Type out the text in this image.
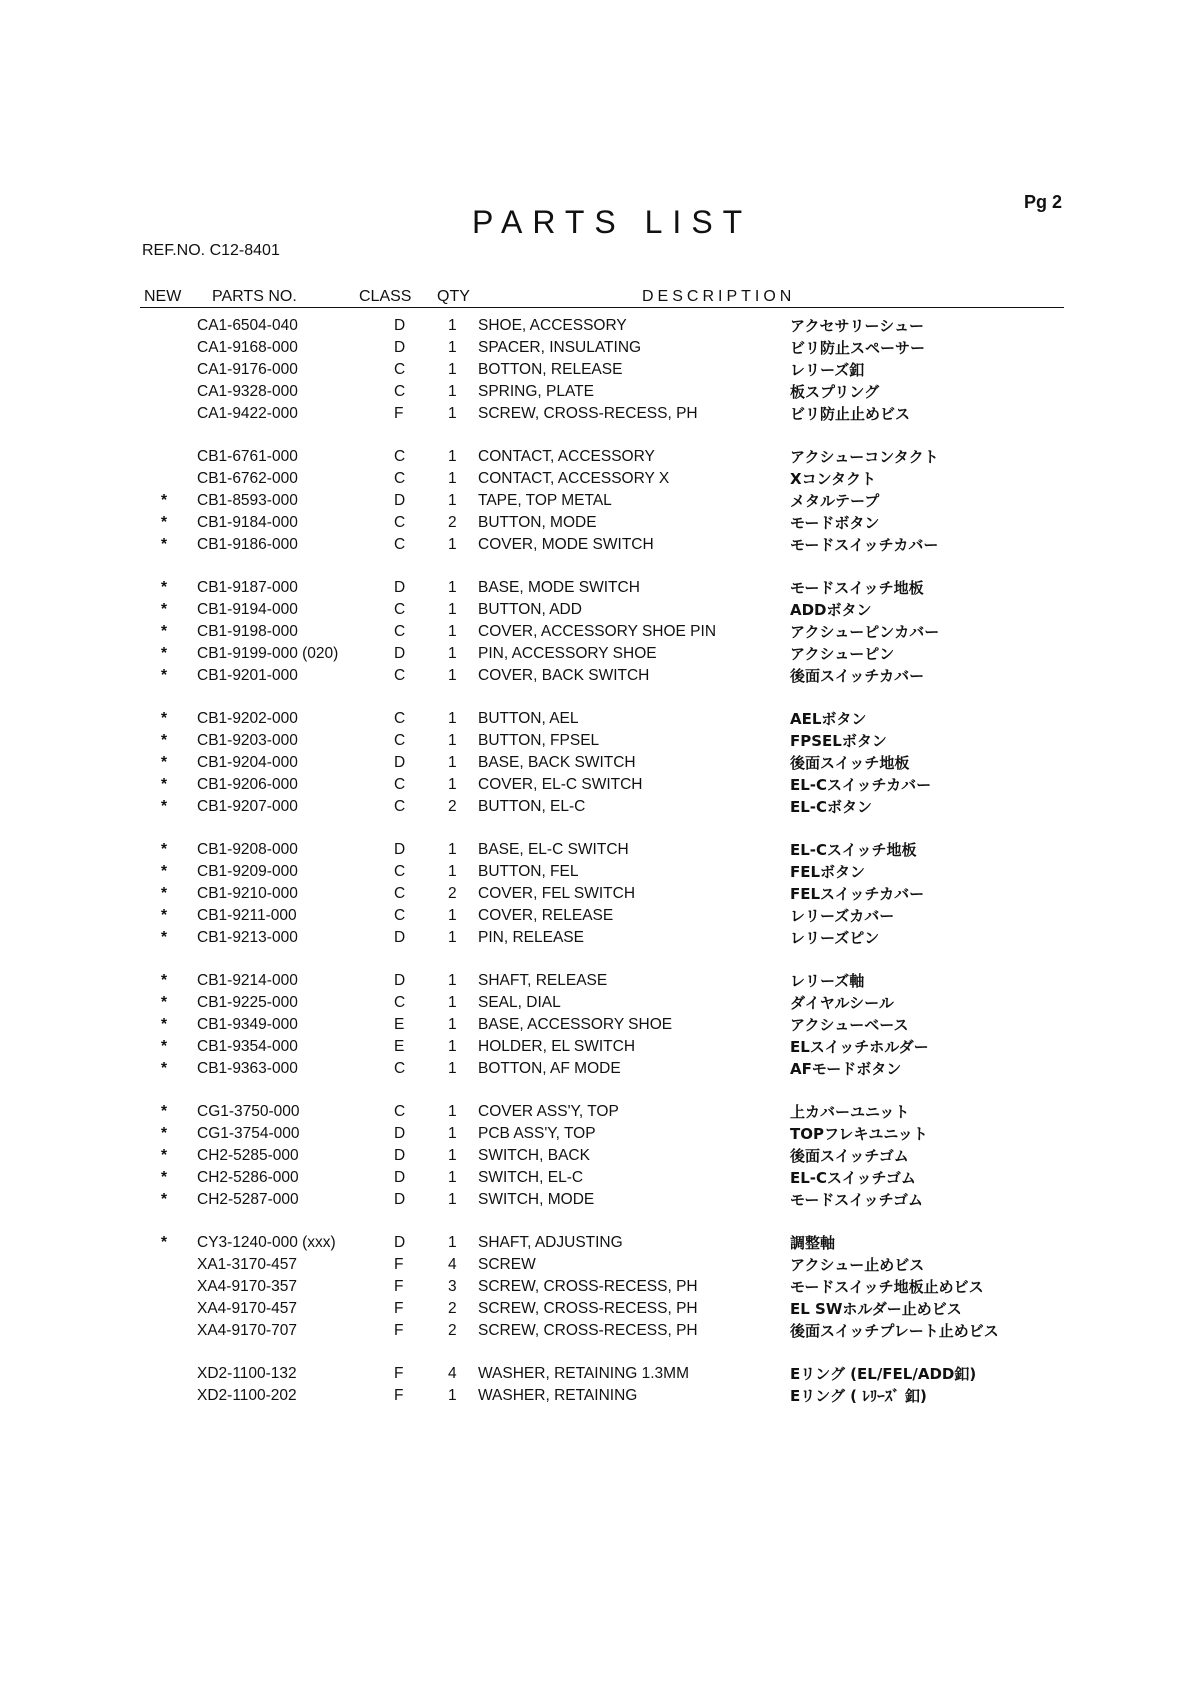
Pg 2
PARTS LIST
REF.NO. C12-8401
NEW PARTS NO.	CLASS QTY	DESCRIPTION
CA1-6504-040	D	1 SHOE, ACCESSORY	アクセサリーシュー
CA1-9168-000	D	1 SPACER, INSULATING	ビリ防止スペーサー
CA1-9176-000	C	1 BOTTON, RELEASE	レリーズ釦
CA1-9328-000	C	1 SPRING, PLATE	板スプリング
CA1-9422-000	F	1 SCREW, CROSS-RECESS, PH	ビリ防止止めビス
CB1-6761-000	C	1 CONTACT, ACCESSORY	アクシューコンタクト
CB1-6762-000	C	1 CONTACT, ACCESSORY X	Xコンタクト
* CB1-8593-000	D	1 TAPE, TOP METAL	メタルテープ
* CB1-9184-000	C	2 BUTTON, MODE	モードボタン
* CB1-9186-000	C	1 COVER, MODE SWITCH	モードスイッチカバー
* CB1-9187-000	D	1 BASE, MODE SWITCH	モードスイッチ地板
* CB1-9194-000	C	1 BUTTON, ADD	ADDボタン
* CB1-9198-000	C	1 COVER, ACCESSORY SHOE PIN	アクシューピンカバー
* CB1-9199-000 (020)	D	1 PIN, ACCESSORY SHOE	アクシューピン
* CB1-9201-000	C	1 COVER, BACK SWITCH	後面スイッチカバー
* CB1-9202-000	C	1 BUTTON, AEL	AELボタン
* CB1-9203-000	C	1 BUTTON, FPSEL	FPSELボタン
* CB1-9204-000	D	1 BASE, BACK SWITCH	後面スイッチ地板
* CB1-9206-000	C	1 COVER, EL-C SWITCH	EL-Cスイッチカバー
* CB1-9207-000	C	2 BUTTON, EL-C	EL-Cボタン
* CB1-9208-000	D	1 BASE, EL-C SWITCH	EL-Cスイッチ地板
* CB1-9209-000	C	1 BUTTON, FEL	FELボタン
* CB1-9210-000	C	2 COVER, FEL SWITCH	FELスイッチカバー
* CB1-9211-000	C	1 COVER, RELEASE	レリーズカバー
* CB1-9213-000	D	1 PIN, RELEASE	レリーズピン
* CB1-9214-000	D	1 SHAFT, RELEASE	レリーズ軸
* CB1-9225-000	C	1 SEAL, DIAL	ダイヤルシール
* CB1-9349-000	E	1 BASE, ACCESSORY SHOE	アクシューベース
* CB1-9354-000	E	1 HOLDER, EL SWITCH	ELスイッチホルダー
* CB1-9363-000	C	1 BOTTON, AF MODE	AFモードボタン
* CG1-3750-000	C	1 COVER ASS'Y, TOP	上カバーユニット
* CG1-3754-000	D	1 PCB ASS'Y, TOP	TOPフレキユニット
* CH2-5285-000	D	1 SWITCH, BACK	後面スイッチゴム
* CH2-5286-000	D	1 SWITCH, EL-C	EL-Cスイッチゴム
* CH2-5287-000	D	1 SWITCH, MODE	モードスイッチゴム
* CY3-1240-000 (xxx)	D	1 SHAFT, ADJUSTING	調整軸
XA1-3170-457	F	4 SCREW	アクシュー止めビス
XA4-9170-357	F	3 SCREW, CROSS-RECESS, PH	モードスイッチ地板止めビス
XA4-9170-457	F	2 SCREW, CROSS-RECESS, PH	EL SWホルダー止めビス
XA4-9170-707	F	2 SCREW, CROSS-RECESS, PH	後面スイッチプレート止めビス
XD2-1100-132	F	4 WASHER, RETAINING 1.3MM	Eリング (EL/FEL/ADD釦)
XD2-1100-202	F	1 WASHER, RETAINING	Eリング ( ﾚﾘｰｽﾞ 釦)
